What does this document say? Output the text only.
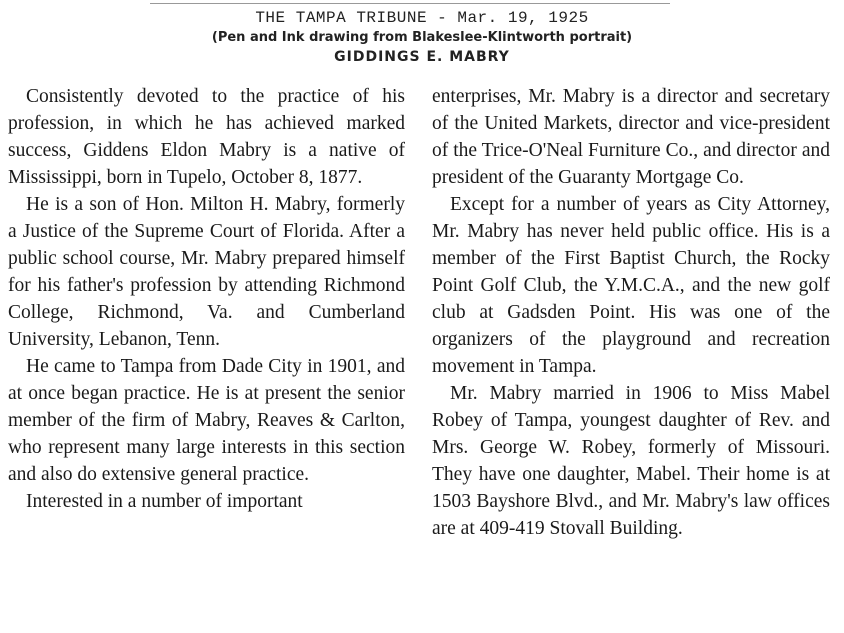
THE TAMPA TRIBUNE - Mar. 19, 1925
(Pen and Ink drawing from Blakeslee-Klintworth portrait)
GIDDINGS E. MABRY

Consistently devoted to the practice of his profession, in which he has achieved marked success, Giddens Eldon Mabry is a native of Mississippi, born in Tupelo, October 8, 1877.

He is a son of Hon. Milton H. Mabry, formerly a Justice of the Supreme Court of Florida. After a public school course, Mr. Mabry prepared himself for his father's profession by attending Richmond College, Richmond, Va. and Cumberland University, Lebanon, Tenn.

He came to Tampa from Dade City in 1901, and at once began practice. He is at present the senior member of the firm of Mabry, Reaves & Carlton, who represent many large interests in this section and also do extensive general practice.

Interested in a number of important

enterprises, Mr. Mabry is a director and secretary of the United Markets, director and vice-president of the Trice-O'Neal Furniture Co., and director and president of the Guaranty Mortgage Co.

Except for a number of years as City Attorney, Mr. Mabry has never held public office. His is a member of the First Baptist Church, the Rocky Point Golf Club, the Y.M.C.A., and the new golf club at Gadsden Point. His was one of the organizers of the playground and recreation movement in Tampa.

Mr. Mabry married in 1906 to Miss Mabel Robey of Tampa, youngest daughter of Rev. and Mrs. George W. Robey, formerly of Missouri. They have one daughter, Mabel. Their home is at 1503 Bayshore Blvd., and Mr. Mabry's law offices are at 409-419 Stovall Building.
